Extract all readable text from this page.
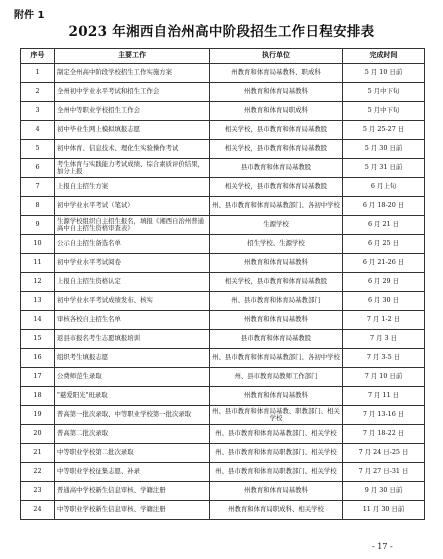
附件 1
2023 年湘西自治州高中阶段招生工作日程安排表
序号	主要工作	执行单位	完成时间
1	制定全州高中阶段学校招生工作实施方案	州教育和体育局基教科、职成科	5 月 10 日前
2	全州初中学业水平考试和招生工作会	州教育和体育局基教科	5 月中下旬
3	全州中等职业学校招生工作会	州教育和体育局职成科	5 月中下旬
4	初中毕业生网上模拟填报志愿	相关学校，县市教育和体育局基教股	5 月 25-27 日
5	初中体育、信息技术、理化生实验操作考试	相关学校，县市教育和体育局基教股	5 月 30 日前
6	考生体育与实践能力考试成绩、综合素质评价结果，加分上报	县市教育和体育局基教股	5 月 31 日前
7	上报自主招生方案	相关学校，县市教育和体育局基教股	6 月上旬
8	初中学业水平考试（笔试）	州、县市教育和体育局基教部门、各初中学校	6 月 18-20 日
9	生源学校组织自主招生报名，填报《湘西自治州普通高中自主招生资格审查表》	生源学校	6 月 21 日
10	公示自主招生备选名单	招生学校、生源学校	6 月 25 日
11	初中学业水平考试阅卷	州教育和体育局基教科	6 月 21-26 日
12	上报自主招生资格认定	相关学校，县市教育和体育局基教股	6 月 29 日
13	初中学业水平考试成绩发布、核实	州、县市教育和体育局基教部门	6 月 30 日
14	审核各校自主招生名单	州教育和体育局基教科	7 月 1-2 日
15	返县市报名考生志愿填报培训	县市教育和体育局基教股	7 月 3 日
16	组织考生填报志愿	州、县市教育和体育局基教部门、各初中学校	7 月 3-5 日
17	公费师范生录取	州、县市教育局教师工作部门	7 月 10 日前
18	"慈爱阳光"班录取	州教育和体育局基教科	7 月 11 日
19	普高第一批次录取、中等职业学校第一批次录取	州、县市教育和体育局基教、职教部门、相关学校	7 月 13-16 日
20	普高第二批次录取	州、县市教育和体育局基教部门、相关学校	7 月 18-22 日
21	中等职业学校第二批次录取	州、县市教育和体育局职教部门、相关学校	7 月 24 日-25 日
22	中等职业学校征集志愿、补录	州、县市教育和体育局职教部门、相关学校	7 月 27 日-31 日
23	普通高中学校新生信息审核、学籍注册	州教育和体育局基教科	9 月 30 日前
24	中等职业学校新生信息审核、学籍注册	州教育和体育局职成科、相关学校	11 月 30 日前
- 17 -
